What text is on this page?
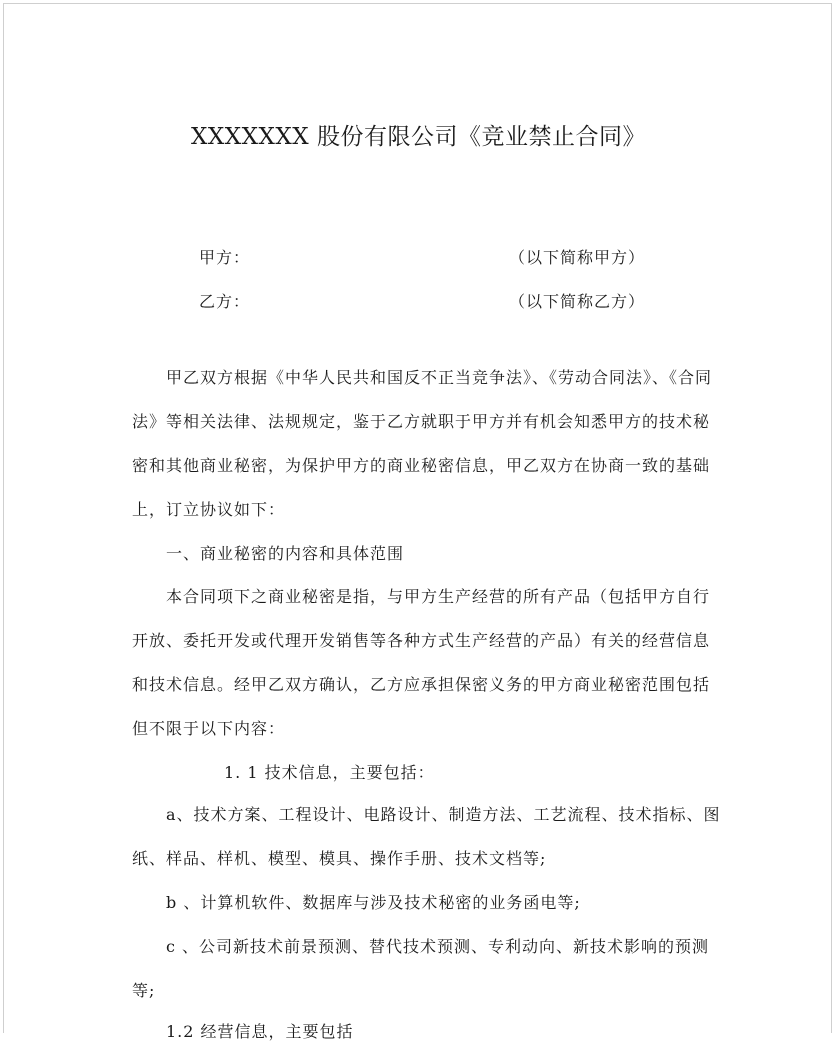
XXXXXXX 股份有限公司《竞业禁止合同》
甲方：	（以下简称甲方）
乙方：	（以下简称乙方）
甲乙双方根据《中华人民共和国反不正当竞争法》、《劳动合同法》、《合同
法》等相关法律、法规规定，鉴于乙方就职于甲方并有机会知悉甲方的技术秘
密和其他商业秘密，为保护甲方的商业秘密信息，甲乙双方在协商一致的基础
上，订立协议如下：
一、商业秘密的内容和具体范围
本合同项下之商业秘密是指，与甲方生产经营的所有产品（包括甲方自行
开放、委托开发或代理开发销售等各种方式生产经营的产品）有关的经营信息
和技术信息。经甲乙双方确认，乙方应承担保密义务的甲方商业秘密范围包括
但不限于以下内容：
1. 1 技术信息，主要包括：
a、技术方案、工程设计、电路设计、制造方法、工艺流程、技术指标、图
纸、样品、样机、模型、模具、操作手册、技术文档等;
b 、计算机软件、数据库与涉及技术秘密的业务函电等;
c 、公司新技术前景预测、替代技术预测、专利动向、新技术影响的预测
等;
1.2 经营信息，主要包括
